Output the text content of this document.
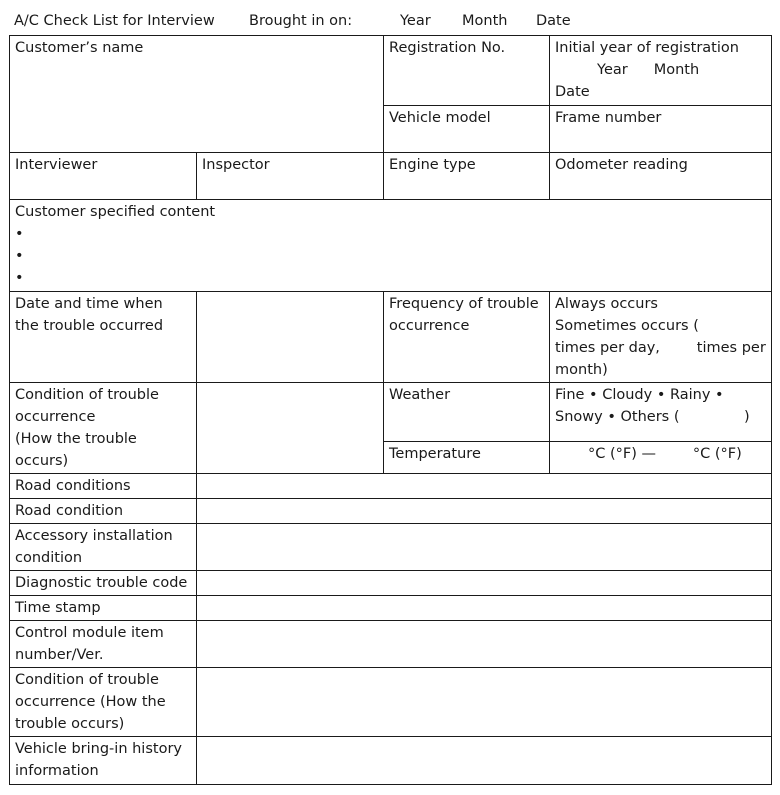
A/C Check List for Interview Brought in on:	Year Month Date
Customer’s name		Registration No.	Initial year of registration
Year Month
Date

		Vehicle model	Frame number
Interviewer	Inspector	Engine type	Odometer reading

Customer specified content
•
•
•			

Date and time when the trouble occurred		Frequency of trouble occurrence	Always occurs
Sometimes occurs (
times per day,        times per month)

Condition of trouble occurrence
(How the trouble occurs)		Weather	Fine • Cloudy • Rainy • Snowy • Others (              )
		Temperature	°C (°F) —        °C (°F)
Road conditions			
Road condition			
Accessory installation condition			
Diagnostic trouble code			
Time stamp			
Control module item number/Ver.			
Condition of trouble occurrence (How the trouble occurs)			
Vehicle bring-in history information			
